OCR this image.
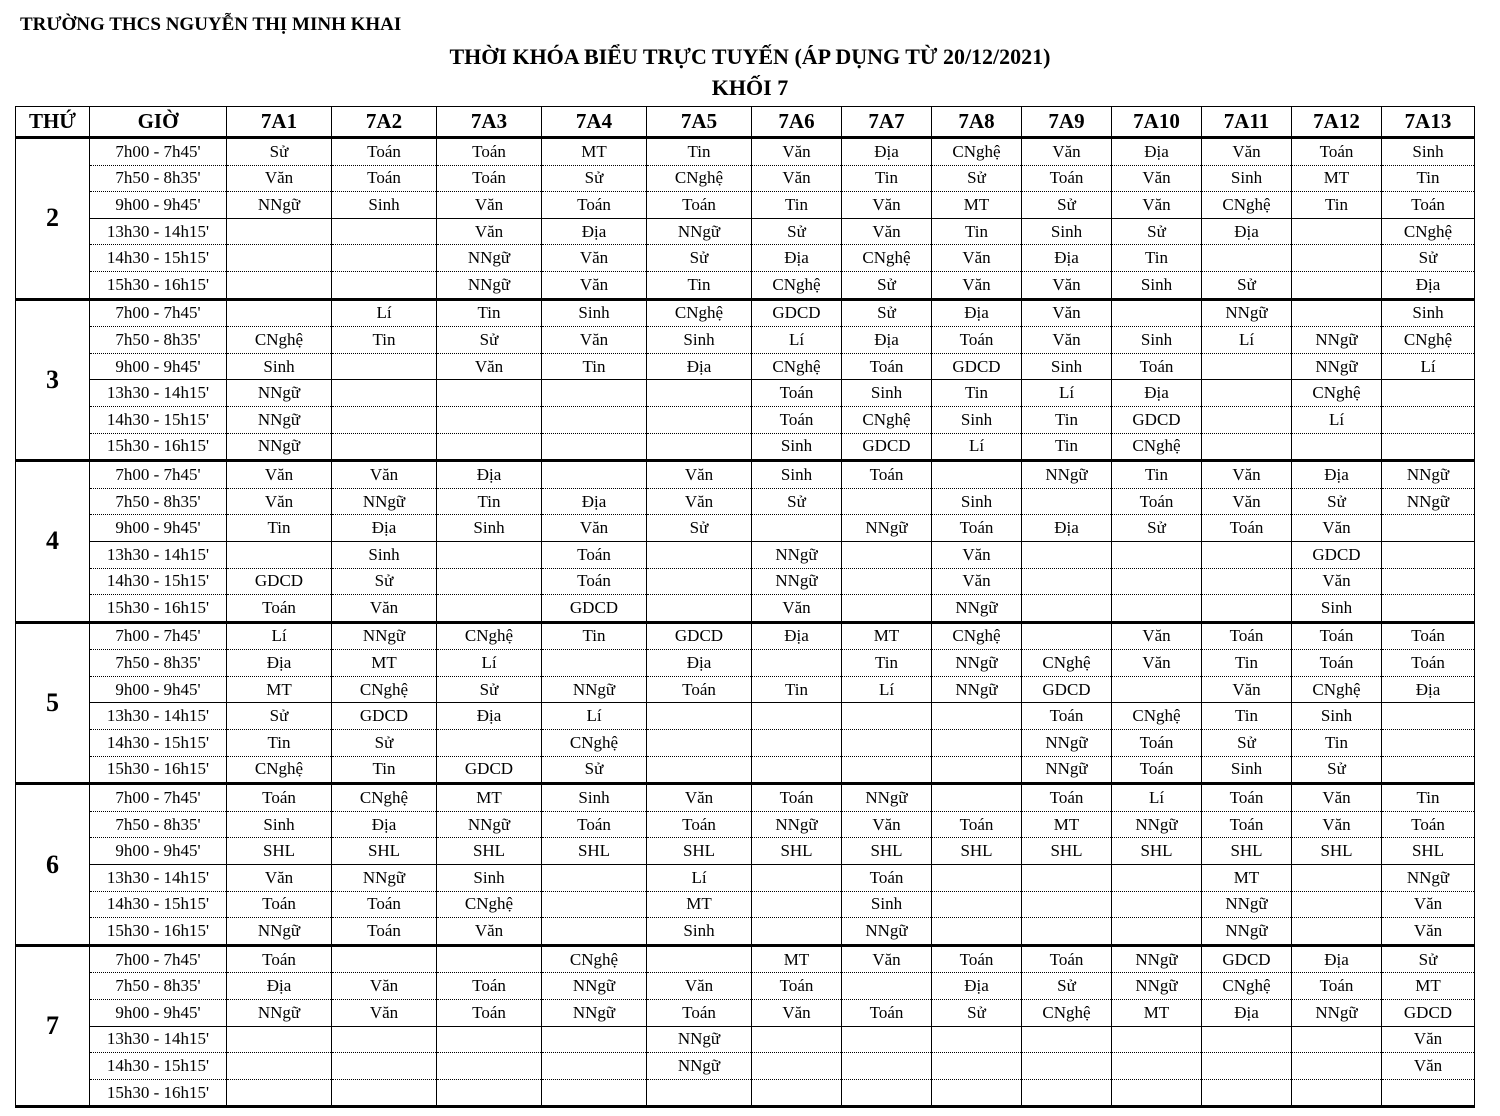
TRƯỜNG THCS NGUYỄN THỊ MINH KHAI
THỜI KHÓA BIỂU TRỰC TUYẾN (ÁP DỤNG TỪ 20/12/2021)
KHỐI 7
THỨ	GIỜ	7A1	7A2	7A3	7A4	7A5	7A6	7A7	7A8	7A9	7A10	7A11	7A12	7A13
2	7h00 - 7h45'	Sử	Toán	Toán	MT	Tin	Văn	Địa	CNghệ	Văn	Địa	Văn	Toán	Sinh
	7h50 - 8h35'	Văn	Toán	Toán	Sử	CNghệ	Văn	Tin	Sử	Toán	Văn	Sinh	MT	Tin
	9h00 - 9h45'	NNgữ	Sinh	Văn	Toán	Toán	Tin	Văn	MT	Sử	Văn	CNghệ	Tin	Toán
	13h30 - 14h15'			Văn	Địa	NNgữ	Sử	Văn	Tin	Sinh	Sử	Địa		CNghệ
	14h30 - 15h15'			NNgữ	Văn	Sử	Địa	CNghệ	Văn	Địa	Tin			Sử
	15h30 - 16h15'			NNgữ	Văn	Tin	CNghệ	Sử	Văn	Văn	Sinh	Sử		Địa
3	7h00 - 7h45'		Lí	Tin	Sinh	CNghệ	GDCD	Sử	Địa	Văn		NNgữ		Sinh
	7h50 - 8h35'	CNghệ	Tin	Sử	Văn	Sinh	Lí	Địa	Toán	Văn	Sinh	Lí	NNgữ	CNghệ
	9h00 - 9h45'	Sinh		Văn	Tin	Địa	CNghệ	Toán	GDCD	Sinh	Toán		NNgữ	Lí
	13h30 - 14h15'	NNgữ					Toán	Sinh	Tin	Lí	Địa		CNghệ	
	14h30 - 15h15'	NNgữ					Toán	CNghệ	Sinh	Tin	GDCD		Lí	
	15h30 - 16h15'	NNgữ					Sinh	GDCD	Lí	Tin	CNghệ			
4	7h00 - 7h45'	Văn	Văn	Địa		Văn	Sinh	Toán		NNgữ	Tin	Văn	Địa	NNgữ
	7h50 - 8h35'	Văn	NNgữ	Tin	Địa	Văn	Sử		Sinh		Toán	Văn	Sử	NNgữ
	9h00 - 9h45'	Tin	Địa	Sinh	Văn	Sử		NNgữ	Toán	Địa	Sử	Toán	Văn	
	13h30 - 14h15'		Sinh		Toán		NNgữ		Văn				GDCD	
	14h30 - 15h15'	GDCD	Sử		Toán		NNgữ		Văn				Văn	
	15h30 - 16h15'	Toán	Văn		GDCD		Văn		NNgữ				Sinh	
5	7h00 - 7h45'	Lí	NNgữ	CNghệ	Tin	GDCD	Địa	MT	CNghệ		Văn	Toán	Toán	Toán
	7h50 - 8h35'	Địa	MT	Lí		Địa		Tin	NNgữ	CNghệ	Văn	Tin	Toán	Toán
	9h00 - 9h45'	MT	CNghệ	Sử	NNgữ	Toán	Tin	Lí	NNgữ	GDCD		Văn	CNghệ	Địa
	13h30 - 14h15'	Sử	GDCD	Địa	Lí					Toán	CNghệ	Tin	Sinh	
	14h30 - 15h15'	Tin	Sử		CNghệ					NNgữ	Toán	Sử	Tin	
	15h30 - 16h15'	CNghệ	Tin	GDCD	Sử					NNgữ	Toán	Sinh	Sử	
6	7h00 - 7h45'	Toán	CNghệ	MT	Sinh	Văn	Toán	NNgữ		Toán	Lí	Toán	Văn	Tin
	7h50 - 8h35'	Sinh	Địa	NNgữ	Toán	Toán	NNgữ	Văn	Toán	MT	NNgữ	Toán	Văn	Toán
	9h00 - 9h45'	SHL	SHL	SHL	SHL	SHL	SHL	SHL	SHL	SHL	SHL	SHL	SHL	SHL
	13h30 - 14h15'	Văn	NNgữ	Sinh		Lí		Toán				MT		NNgữ
	14h30 - 15h15'	Toán	Toán	CNghệ		MT		Sinh				NNgữ		Văn
	15h30 - 16h15'	NNgữ	Toán	Văn		Sinh		NNgữ				NNgữ		Văn
7	7h00 - 7h45'	Toán			CNghệ		MT	Văn	Toán	Toán	NNgữ	GDCD	Địa	Sử
	7h50 - 8h35'	Địa	Văn	Toán	NNgữ	Văn	Toán		Địa	Sử	NNgữ	CNghệ	Toán	MT
	9h00 - 9h45'	NNgữ	Văn	Toán	NNgữ	Toán	Văn	Toán	Sử	CNghệ	MT	Địa	NNgữ	GDCD
	13h30 - 14h15'					NNgữ								Văn
	14h30 - 15h15'					NNgữ								Văn
	15h30 - 16h15'													
